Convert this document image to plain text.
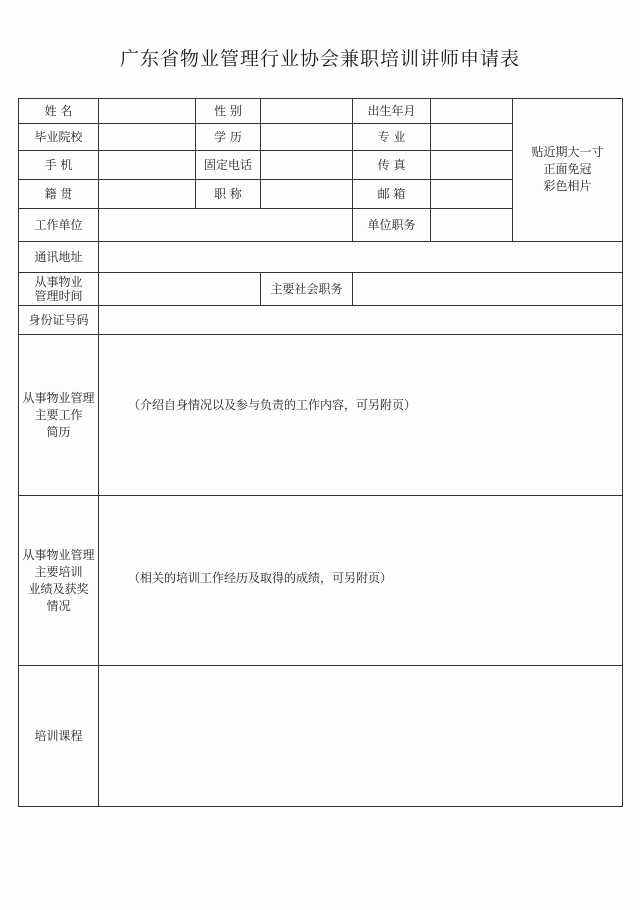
广东省物业管理行业协会兼职培训讲师申请表
姓 名	性 别	出生年月
毕业院校	学 历	专 业
手 机	固定电话	传 真
籍 贯	职 称	邮 箱
工作单位	单位职务
贴近期大一寸
正面免冠
彩色相片
通讯地址
从事物业
管理时间	主要社会职务
身份证号码
从事物业管理
主要工作
简历
（介绍自身情况以及参与负责的工作内容，可另附页）
从事物业管理
主要培训
业绩及获奖
情况
（相关的培训工作经历及取得的成绩，可另附页）
培训课程
